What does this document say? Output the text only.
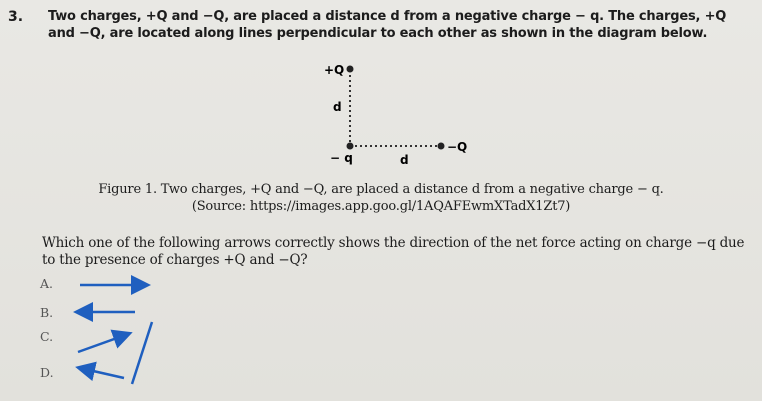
3. Two charges, +Q and −Q, are placed a distance d from a negative charge − q. The charges, +Q and −Q, are located along lines perpendicular to each other as shown in the diagram below.
+Q
d
− q	d
−Q
Figure 1. Two charges, +Q and −Q, are placed a distance d from a negative charge − q.
(Source: https://images.app.goo.gl/1AQAFEwmXTadX1Zt7)
Which one of the following arrows correctly shows the direction of the net force acting on charge −q due to the presence of charges +Q and −Q?
A.
B.
C.
D.
